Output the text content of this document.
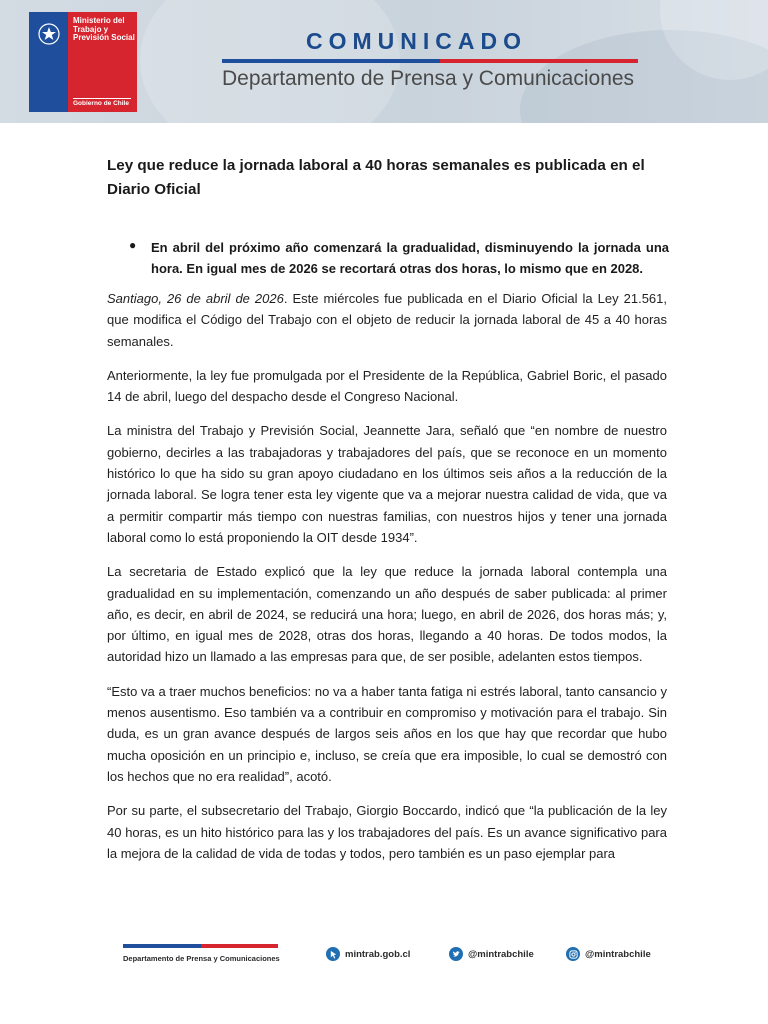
Ministerio del Trabajo y Previsión Social
Gobierno de Chile
COMUNICADO
Departamento de Prensa y Comunicaciones
Ley que reduce la jornada laboral a 40 horas semanales es publicada en el Diario Oficial
● En abril del próximo año comenzará la gradualidad, disminuyendo la jornada una hora. En igual mes de 2026 se recortará otras dos horas, lo mismo que en 2028.

Santiago, 26 de abril de 2026. Este miércoles fue publicada en el Diario Oficial la Ley 21.561, que modifica el Código del Trabajo con el objeto de reducir la jornada laboral de 45 a 40 horas semanales.

Anteriormente, la ley fue promulgada por el Presidente de la República, Gabriel Boric, el pasado 14 de abril, luego del despacho desde el Congreso Nacional.

La ministra del Trabajo y Previsión Social, Jeannette Jara, señaló que “en nombre de nuestro gobierno, decirles a las trabajadoras y trabajadores del país, que se reconoce en un momento histórico lo que ha sido su gran apoyo ciudadano en los últimos seis años a la reducción de la jornada laboral. Se logra tener esta ley vigente que va a mejorar nuestra calidad de vida, que va a permitir compartir más tiempo con nuestras familias, con nuestros hijos y tener una jornada laboral como lo está proponiendo la OIT desde 1934”.

La secretaria de Estado explicó que la ley que reduce la jornada laboral contempla una gradualidad en su implementación, comenzando un año después de saber publicada: al primer año, es decir, en abril de 2024, se reducirá una hora; luego, en abril de 2026, dos horas más; y, por último, en igual mes de 2028, otras dos horas, llegando a 40 horas. De todos modos, la autoridad hizo un llamado a las empresas para que, de ser posible, adelanten estos tiempos.

“Esto va a traer muchos beneficios: no va a haber tanta fatiga ni estrés laboral, tanto cansancio y menos ausentismo. Eso también va a contribuir en compromiso y motivación para el trabajo. Sin duda, es un gran avance después de largos seis años en los que hay que recordar que hubo mucha oposición en un principio e, incluso, se creía que era imposible, lo cual se demostró con los hechos que no era realidad”, acotó.

Por su parte, el subsecretario del Trabajo, Giorgio Boccardo, indicó que “la publicación de la ley 40 horas, es un hito histórico para las y los trabajadores del país. Es un avance significativo para la mejora de la calidad de vida de todas y todos, pero también es un paso ejemplar para

Departamento de Prensa y Comunicaciones	mintrab.gob.cl	@mintrabchile	@mintrabchile
